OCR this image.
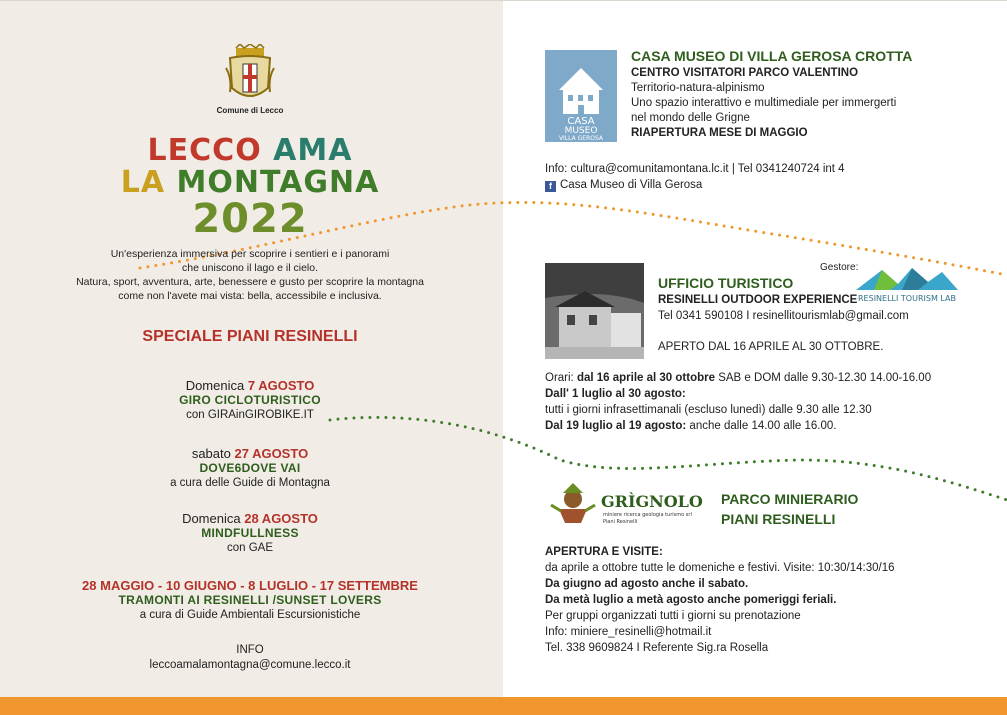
Comune di Lecco
LECCO AMA
LA MONTAGNA
2022
Un'esperienza immersiva per scoprire i sentieri e i panorami
che uniscono il lago e il cielo.
Natura, sport, avventura, arte, benessere e gusto per scoprire la montagna
come non l'avete mai vista: bella, accessibile e inclusiva.
SPECIALE PIANI RESINELLI
Domenica 7 AGOSTO
GIRO CICLOTURISTICO
con GIRAinGIROBIKE.IT
sabato 27 AGOSTO
DOVE6DOVE VAI
a cura delle Guide di Montagna
Domenica 28 AGOSTO
MINDFULLNESS
con GAE
28 MAGGIO - 10 GIUGNO - 8 LUGLIO - 17 SETTEMBRE
TRAMONTI AI RESINELLI /SUNSET LOVERS
a cura di Guide Ambientali Escursionistiche
INFO
leccoamalamontagna@comune.lecco.it
CASA
MUSEO
VILLA GEROSA
CASA MUSEO DI VILLA GEROSA CROTTA
CENTRO VISITATORI PARCO VALENTINO
Territorio-natura-alpinismo
Uno spazio interattivo e multimediale per immergerti
nel mondo delle Grigne
RIAPERTURA MESE DI MAGGIO
Info: cultura@comunitamontana.lc.it | Tel 0341240724 int 4
f Casa Museo di Villa Gerosa
UFFICIO TURISTICO
RESINELLI OUTDOOR EXPERIENCE
Tel 0341 590108 I resinellitourismlab@gmail.com
APERTO DAL 16 APRILE AL 30 OTTOBRE.
Gestore:
RESINELLI TOURISM LAB
Orari: dal 16 aprile al 30 ottobre SAB e DOM dalle 9.30-12.30 14.00-16.00
Dall' 1 luglio al 30 agosto:
tutti i giorni infrasettimanali (escluso lunedì) dalle 9.30 alle 12.30
Dal 19 luglio al 19 agosto: anche dalle 14.00 alle 16.00.
GRÌGNOLO
miniere ricerca geologia turismo srl
Piani Resinelli
PARCO MINIERARIO
PIANI RESINELLI
APERTURA E VISITE:
da aprile a ottobre tutte le domeniche e festivi. Visite: 10:30/14:30/16
Da giugno ad agosto anche il sabato.
Da metà luglio a metà agosto anche pomeriggi feriali.
Per gruppi organizzati tutti i giorni su prenotazione
Info: miniere_resinelli@hotmail.it
Tel. 338 9609824 I Referente Sig.ra Rosella
